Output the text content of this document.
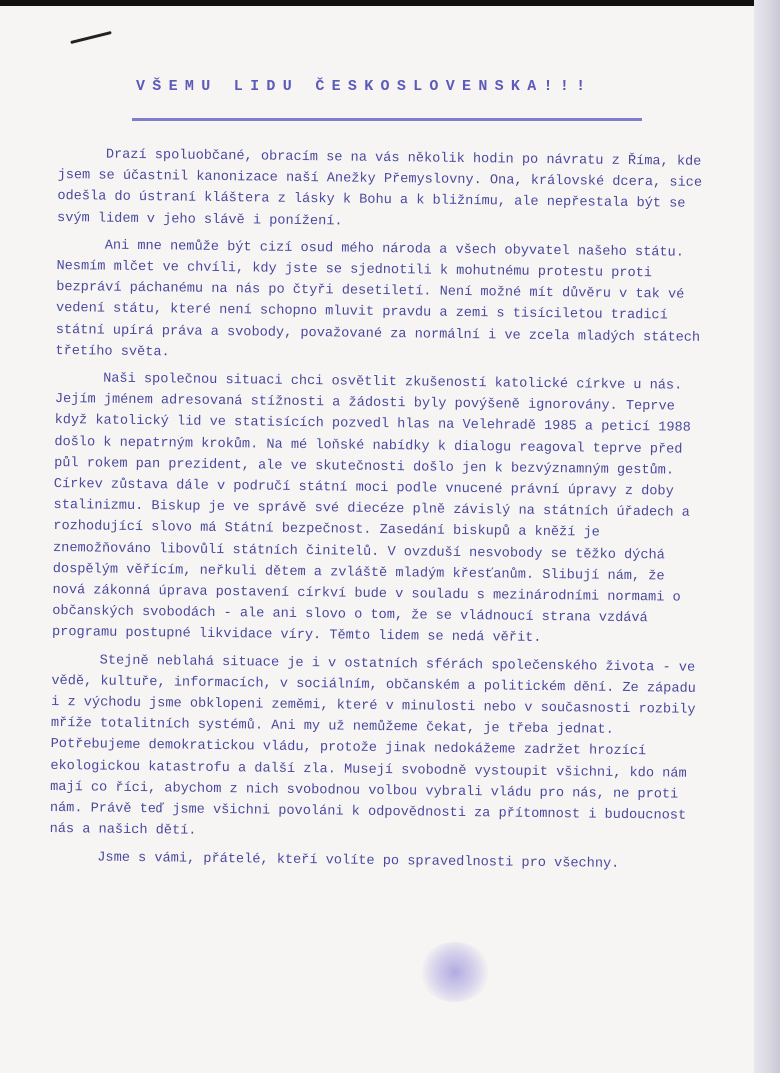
VŠEMU LIDU ČESKOSLOVENSKA!!!

Drazí spoluobčané, obracím se na vás několik hodin po návratu z Říma, kde jsem se účastnil kanonizace naší Anežky Přemyslovny. Ona, královské dcera, sice odešla do ústraní kláštera z lásky k Bohu a k bližnímu, ale nepřestala být se svým lidem v jeho slávě i ponížení.

Ani mne nemůže být cizí osud mého národa a všech obyvatel našeho státu. Nesmím mlčet ve chvíli, kdy jste se sjednotili k mohutnému protestu proti bezpráví páchanému na nás po čtyři desetiletí. Není možné mít důvěru v tak vé vedení státu, které není schopno mluvit pravdu a zemi s tisíciletou tradicí státní upírá práva a svobody, považované za normální i ve zcela mladých státech třetího světa.

Naši společnou situaci chci osvětlit zkušeností katolické církve u nás. Jejím jménem adresovaná stížnosti a žádosti byly povýšeně ignorovány. Teprve když katolický lid ve statisících pozvedl hlas na Velehradě 1985 a peticí 1988 došlo k nepatrným krokům. Na mé loňské nabídky k dialogu reagoval teprve před půl rokem pan prezident, ale ve skutečnosti došlo jen k bezvýznamným gestům. Církev zůstava dále v područí státní moci podle vnucené právní úpravy z doby stalinizmu. Biskup je ve správě své diecéze plně závislý na státních úřadech a rozhodující slovo má Státní bezpečnost. Zasedání biskupů a kněží je znemožňováno libovůlí státních činitelů. V ovzduší nesvobody se těžko dýchá dospělým věřícím, neřkuli dětem a zvláště mladým křesťanům. Slibují nám, že nová zákonná úprava postavení církví bude v souladu s mezinárodními normami o občanských svobodách - ale ani slovo o tom, že se vládnoucí strana vzdává programu postupné likvidace víry. Těmto lidem se nedá věřit.

Stejně neblahá situace je i v ostatních sférách společenského života - ve vědě, kultuře, informacích, v sociálním, občanském a politickém dění. Ze západu i z východu jsme obklopeni zeměmi, které v minulosti nebo v současnosti rozbily mříže totalitních systémů. Ani my už nemůžeme čekat, je třeba jednat. Potřebujeme demokratickou vládu, protože jinak nedokážeme zadržet hrozící ekologickou katastrofu a další zla. Musejí svobodně vystoupit všichni, kdo nám mají co říci, abychom z nich svobodnou volbou vybrali vládu pro nás, ne proti nám. Právě teď jsme všichni povoláni k odpovědnosti za přítomnost i budoucnost nás a našich dětí.

Jsme s vámi, přátelé, kteří volíte po spravedlnosti pro všechny.
